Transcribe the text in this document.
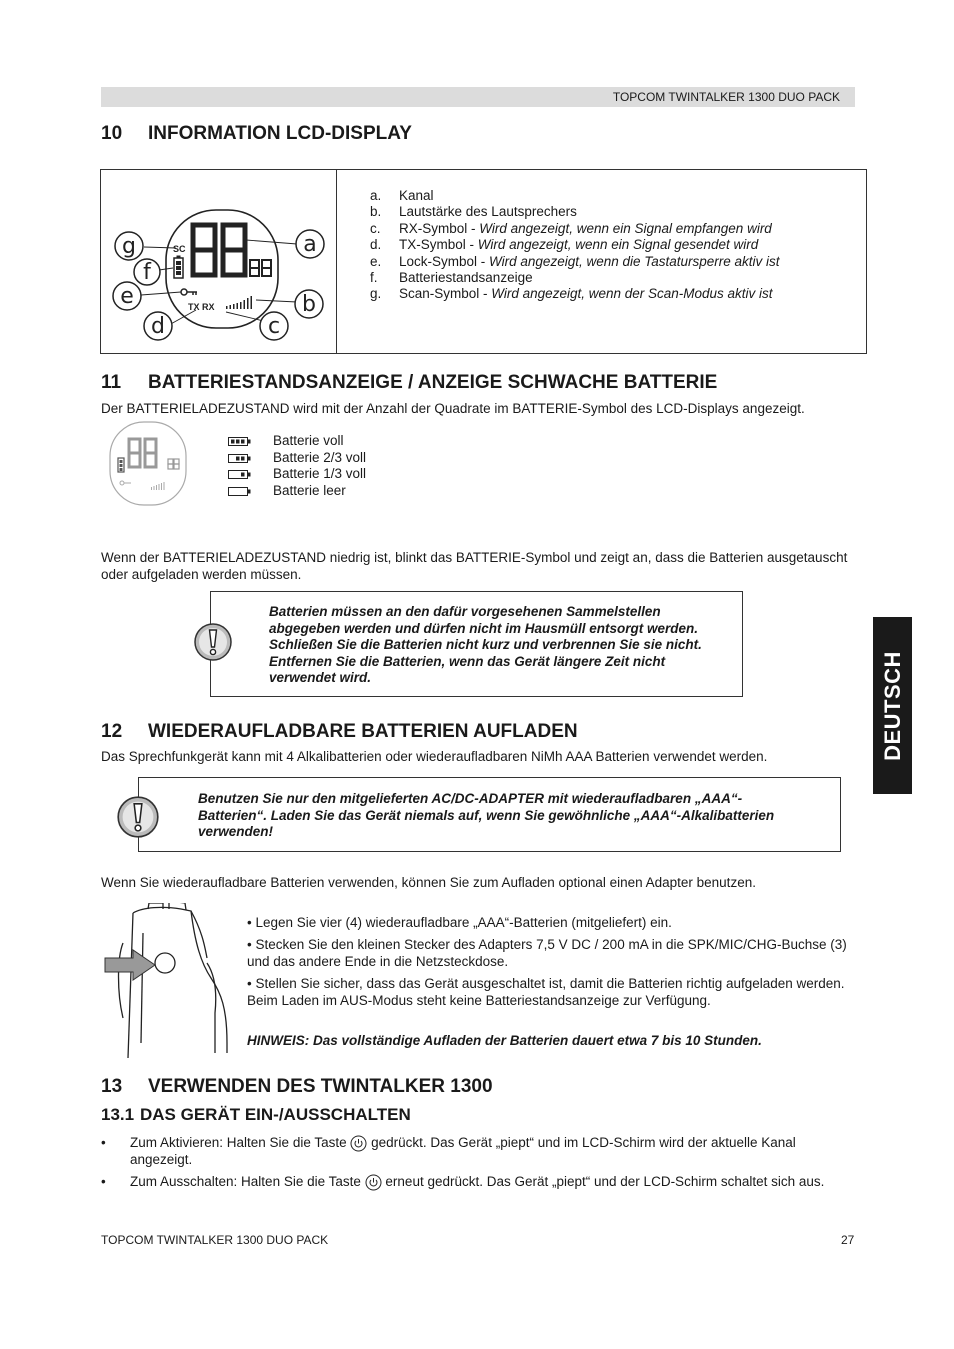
TOPCOM TWINTALKER 1300 DUO PACK
10 INFORMATION LCD-DISPLAY
SC
TX RX
g
f
e
d
a
b
c
a. Kanal
b. Lautstärke des Lautsprechers
c. RX-Symbol - Wird angezeigt, wenn ein Signal empfangen wird
d. TX-Symbol - Wird angezeigt, wenn ein Signal gesendet wird
e. Lock-Symbol - Wird angezeigt, wenn die Tastatursperre aktiv ist
f. Batteriestandsanzeige
g. Scan-Symbol - Wird angezeigt, wenn der Scan-Modus aktiv ist
11 BATTERIESTANDSANZEIGE / ANZEIGE SCHWACHE BATTERIE

Der BATTERIELADEZUSTAND wird mit der Anzahl der Quadrate im BATTERIE-Symbol des LCD-Displays angezeigt.

Batterie voll
Batterie 2/3 voll
Batterie 1/3 voll
Batterie leer

Wenn der BATTERIELADEZUSTAND niedrig ist, blinkt das BATTERIE-Symbol und zeigt an, dass die Batterien ausgetauscht oder aufgeladen werden müssen.

Batterien müssen an den dafür vorgesehenen Sammelstellen abgegeben werden und dürfen nicht im Hausmüll entsorgt werden. Schließen Sie die Batterien nicht kurz und verbrennen Sie sie nicht. Entfernen Sie die Batterien, wenn das Gerät längere Zeit nicht verwendet wird.
12 WIEDERAUFLADBARE BATTERIEN AUFLADEN

Das Sprechfunkgerät kann mit 4 Alkalibatterien oder wiederaufladbaren NiMh AAA Batterien verwendet werden.

Benutzen Sie nur den mitgelieferten AC/DC-ADAPTER mit wiederaufladbaren „AAA“-Batterien“. Laden Sie das Gerät niemals auf, wenn Sie gewöhnliche „AAA“-Alkalibatterien verwenden!

Wenn Sie wiederaufladbare Batterien verwenden, können Sie zum Aufladen optional einen Adapter benutzen.

• Legen Sie vier (4) wiederaufladbare „AAA“-Batterien (mitgeliefert) ein.

• Stecken Sie den kleinen Stecker des Adapters 7,5 V DC / 200 mA in die SPK/MIC/CHG-Buchse (3) und das andere Ende in die Netzsteckdose.

• Stellen Sie sicher, dass das Gerät ausgeschaltet ist, damit die Batterien richtig aufgeladen werden. Beim Laden im AUS-Modus steht keine Batteriestandsanzeige zur Verfügung.

HINWEIS: Das vollständige Aufladen der Batterien dauert etwa 7 bis 10 Stunden.

13 VERWENDEN DES TWINTALKER 1300
13.1 DAS GERÄT EIN-/AUSSCHALTEN
• Zum Aktivieren: Halten Sie die Taste gedrückt. Das Gerät „piept“ und im LCD-Schirm wird der aktuelle Kanal angezeigt.
• Zum Ausschalten: Halten Sie die Taste erneut gedrückt. Das Gerät „piept“ und der LCD-Schirm schaltet sich aus.
DEUTSCH
TOPCOM TWINTALKER 1300 DUO PACK	27
